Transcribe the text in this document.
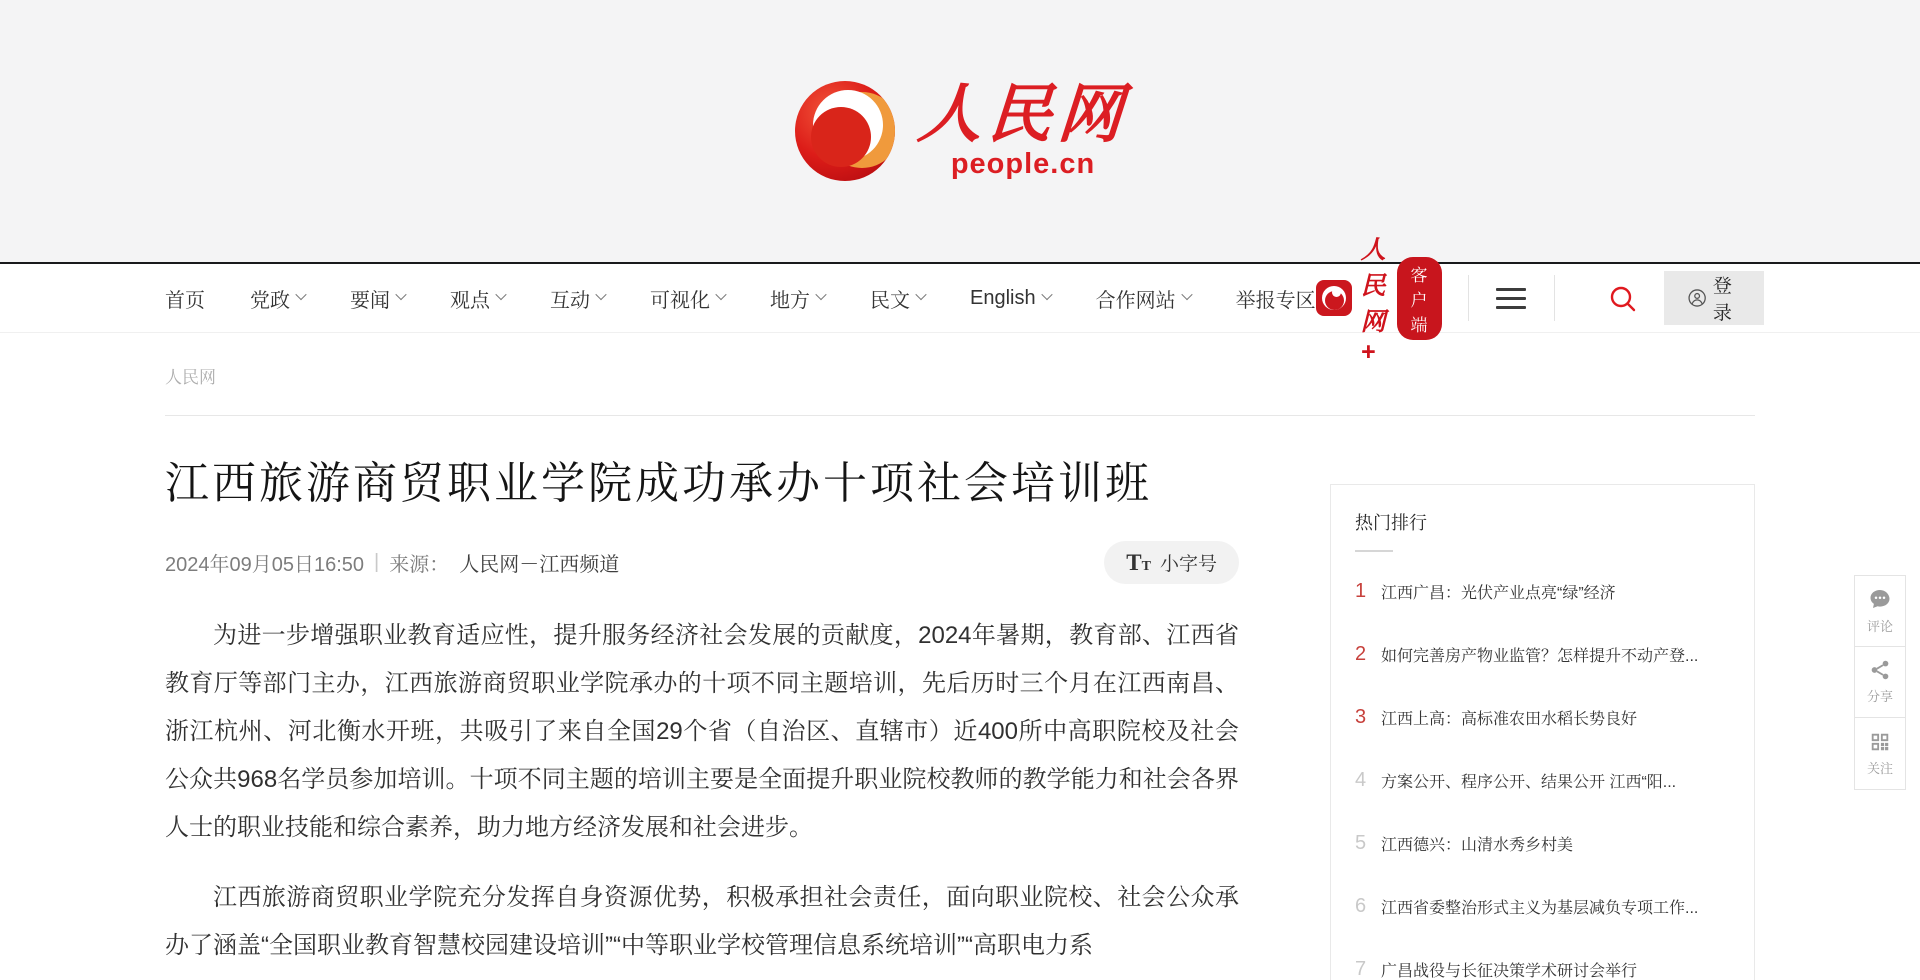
人民网
people.cn
首页 党政	要闻	观点	互动	可视化	地方	民文	English	合作网站	举报专区
人民网+
客户端
登录
人民网
江西旅游商贸职业学院成功承办十项社会培训班
2024年09月05日16:50 | 来源： 人民网－江西频道	TT 小字号

为进一步增强职业教育适应性，提升服务经济社会发展的贡献度，2024年暑期，教育部、江西省教育厅等部门主办，江西旅游商贸职业学院承办的十项不同主题培训，先后历时三个月在江西南昌、浙江杭州、河北衡水开班，共吸引了来自全国29个省（自治区、直辖市）近400所中高职院校及社会公众共968名学员参加培训。十项不同主题的培训主要是全面提升职业院校教师的教学能力和社会各界人士的职业技能和综合素养，助力地方经济发展和社会进步。

江西旅游商贸职业学院充分发挥自身资源优势，积极承担社会责任，面向职业院校、社会公众承办了涵盖“全国职业教育智慧校园建设培训”“中等职业学校管理信息系统培训”“高职电力系

热门排行
1 江西广昌：光伏产业点亮“绿”经济
2 如何完善房产物业监管？怎样提升不动产登...
3 江西上高：高标准农田水稻长势良好
4 方案公开、程序公开、结果公开 江西“阳...
5 江西德兴：山清水秀乡村美
6 江西省委整治形式主义为基层减负专项工作...
7 广昌战役与长征决策学术研讨会举行
评论
分享
关注
